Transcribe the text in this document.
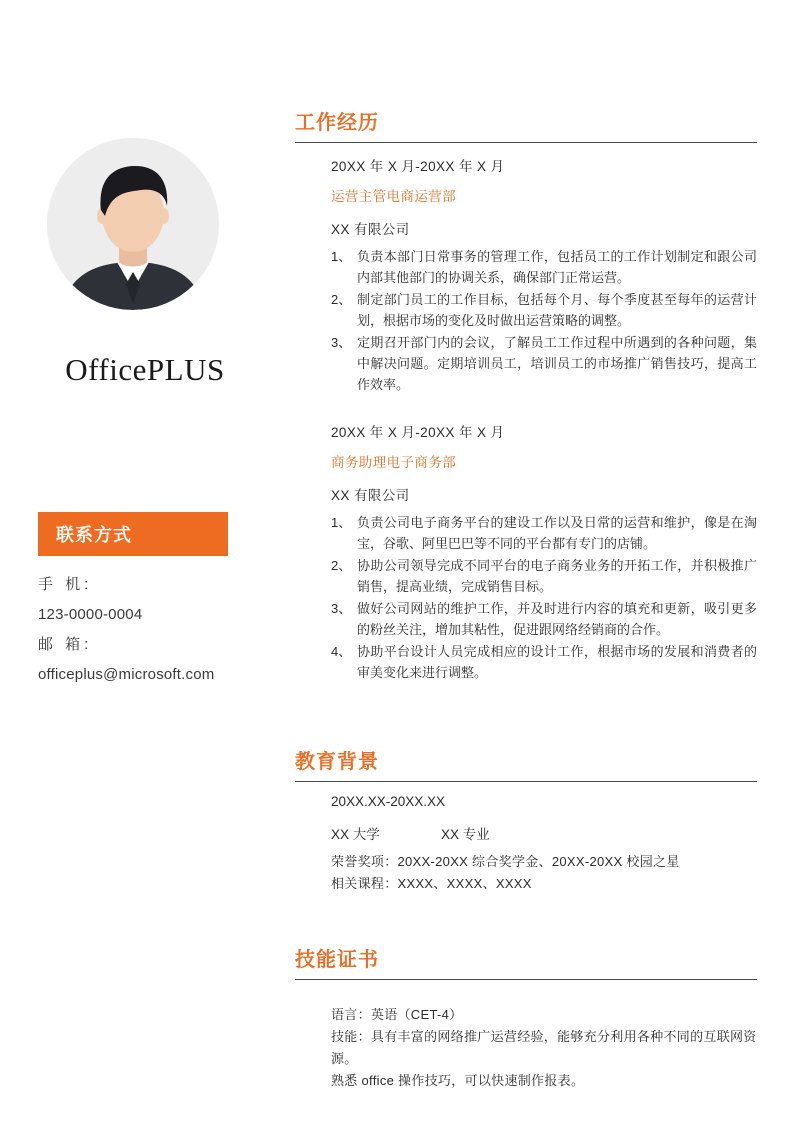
OfficePLUS
联系方式
手 机:
123-0000-0004
邮 箱:
officeplus@microsoft.com
工作经历
20XX 年 X 月-20XX 年 X 月
运营主管电商运营部
XX 有限公司
1、 负责本部门日常事务的管理工作，包括员工的工作计划制定和跟公司内部其他部门的协调关系，确保部门正常运营。
2、 制定部门员工的工作目标，包括每个月、每个季度甚至每年的运营计划，根据市场的变化及时做出运营策略的调整。
3、 定期召开部门内的会议，了解员工工作过程中所遇到的各种问题，集中解决问题。定期培训员工，培训员工的市场推广销售技巧，提高工作效率。
20XX 年 X 月-20XX 年 X 月
商务助理电子商务部
XX 有限公司
1、 负责公司电子商务平台的建设工作以及日常的运营和维护，像是在淘宝，谷歌、阿里巴巴等不同的平台都有专门的店铺。
2、 协助公司领导完成不同平台的电子商务业务的开拓工作，并积极推广销售，提高业绩，完成销售目标。
3、 做好公司网站的维护工作，并及时进行内容的填充和更新，吸引更多的粉丝关注，增加其粘性，促进跟网络经销商的合作。
4、 协助平台设计人员完成相应的设计工作，根据市场的发展和消费者的审美变化来进行调整。
教育背景
20XX.XX-20XX.XX
XX 大学	XX 专业
荣誉奖项：20XX-20XX 综合奖学金、20XX-20XX 校园之星
相关课程：XXXX、XXXX、XXXX
技能证书
语言：英语（CET-4）
技能：具有丰富的网络推广运营经验，能够充分利用各种不同的互联网资源。
熟悉 office 操作技巧，可以快速制作报表。
